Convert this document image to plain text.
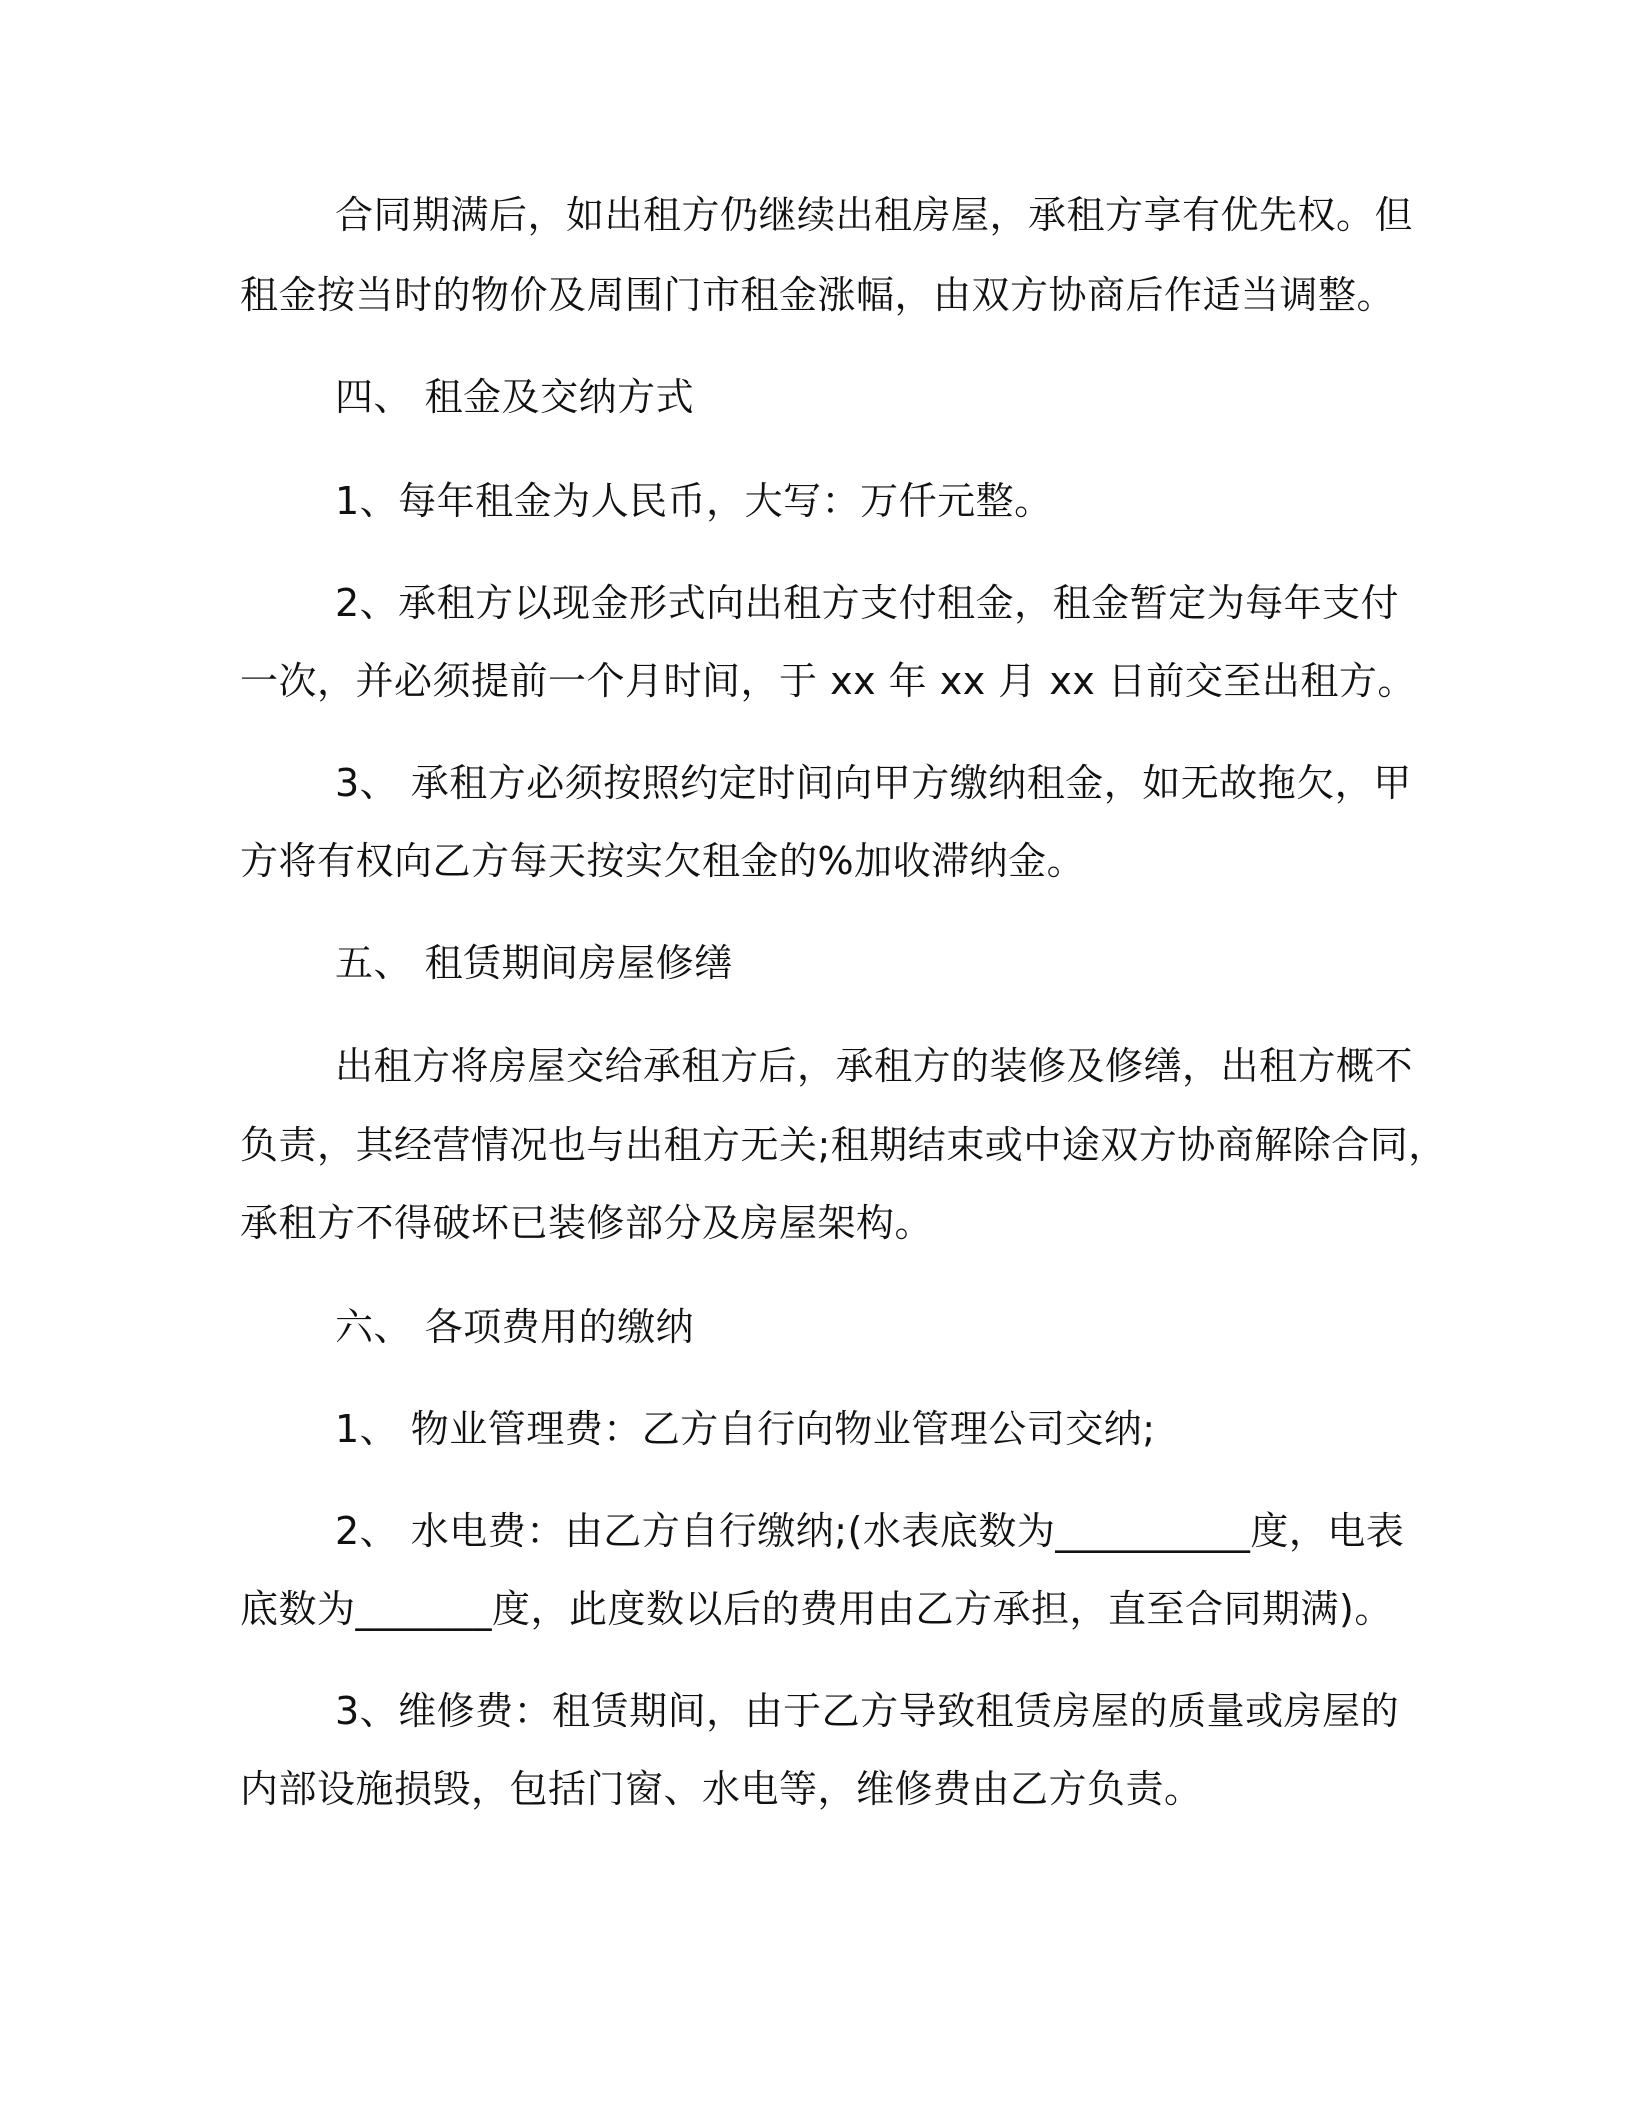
合同期满后，如出租方仍继续出租房屋，承租方享有优先权。但

租金按当时的物价及周围门市租金涨幅，由双方协商后作适当调整。

四、 租金及交纳方式

1、每年租金为人民币，大写：万仟元整。

2、承租方以现金形式向出租方支付租金，租金暂定为每年支付

一次，并必须提前一个月时间，于 xx 年 xx 月 xx 日前交至出租方。

3、 承租方必须按照约定时间向甲方缴纳租金，如无故拖欠，甲

方将有权向乙方每天按实欠租金的%加收滞纳金。

五、 租赁期间房屋修缮

出租方将房屋交给承租方后，承租方的装修及修缮，出租方概不

负责，其经营情况也与出租方无关;租期结束或中途双方协商解除合同，

承租方不得破坏已装修部分及房屋架构。

六、 各项费用的缴纳

1、 物业管理费：乙方自行向物业管理公司交纳;

2、 水电费：由乙方自行缴纳;(水表底数为__________度，电表

底数为_______度，此度数以后的费用由乙方承担，直至合同期满)。

3、维修费：租赁期间，由于乙方导致租赁房屋的质量或房屋的

内部设施损毁，包括门窗、水电等，维修费由乙方负责。
